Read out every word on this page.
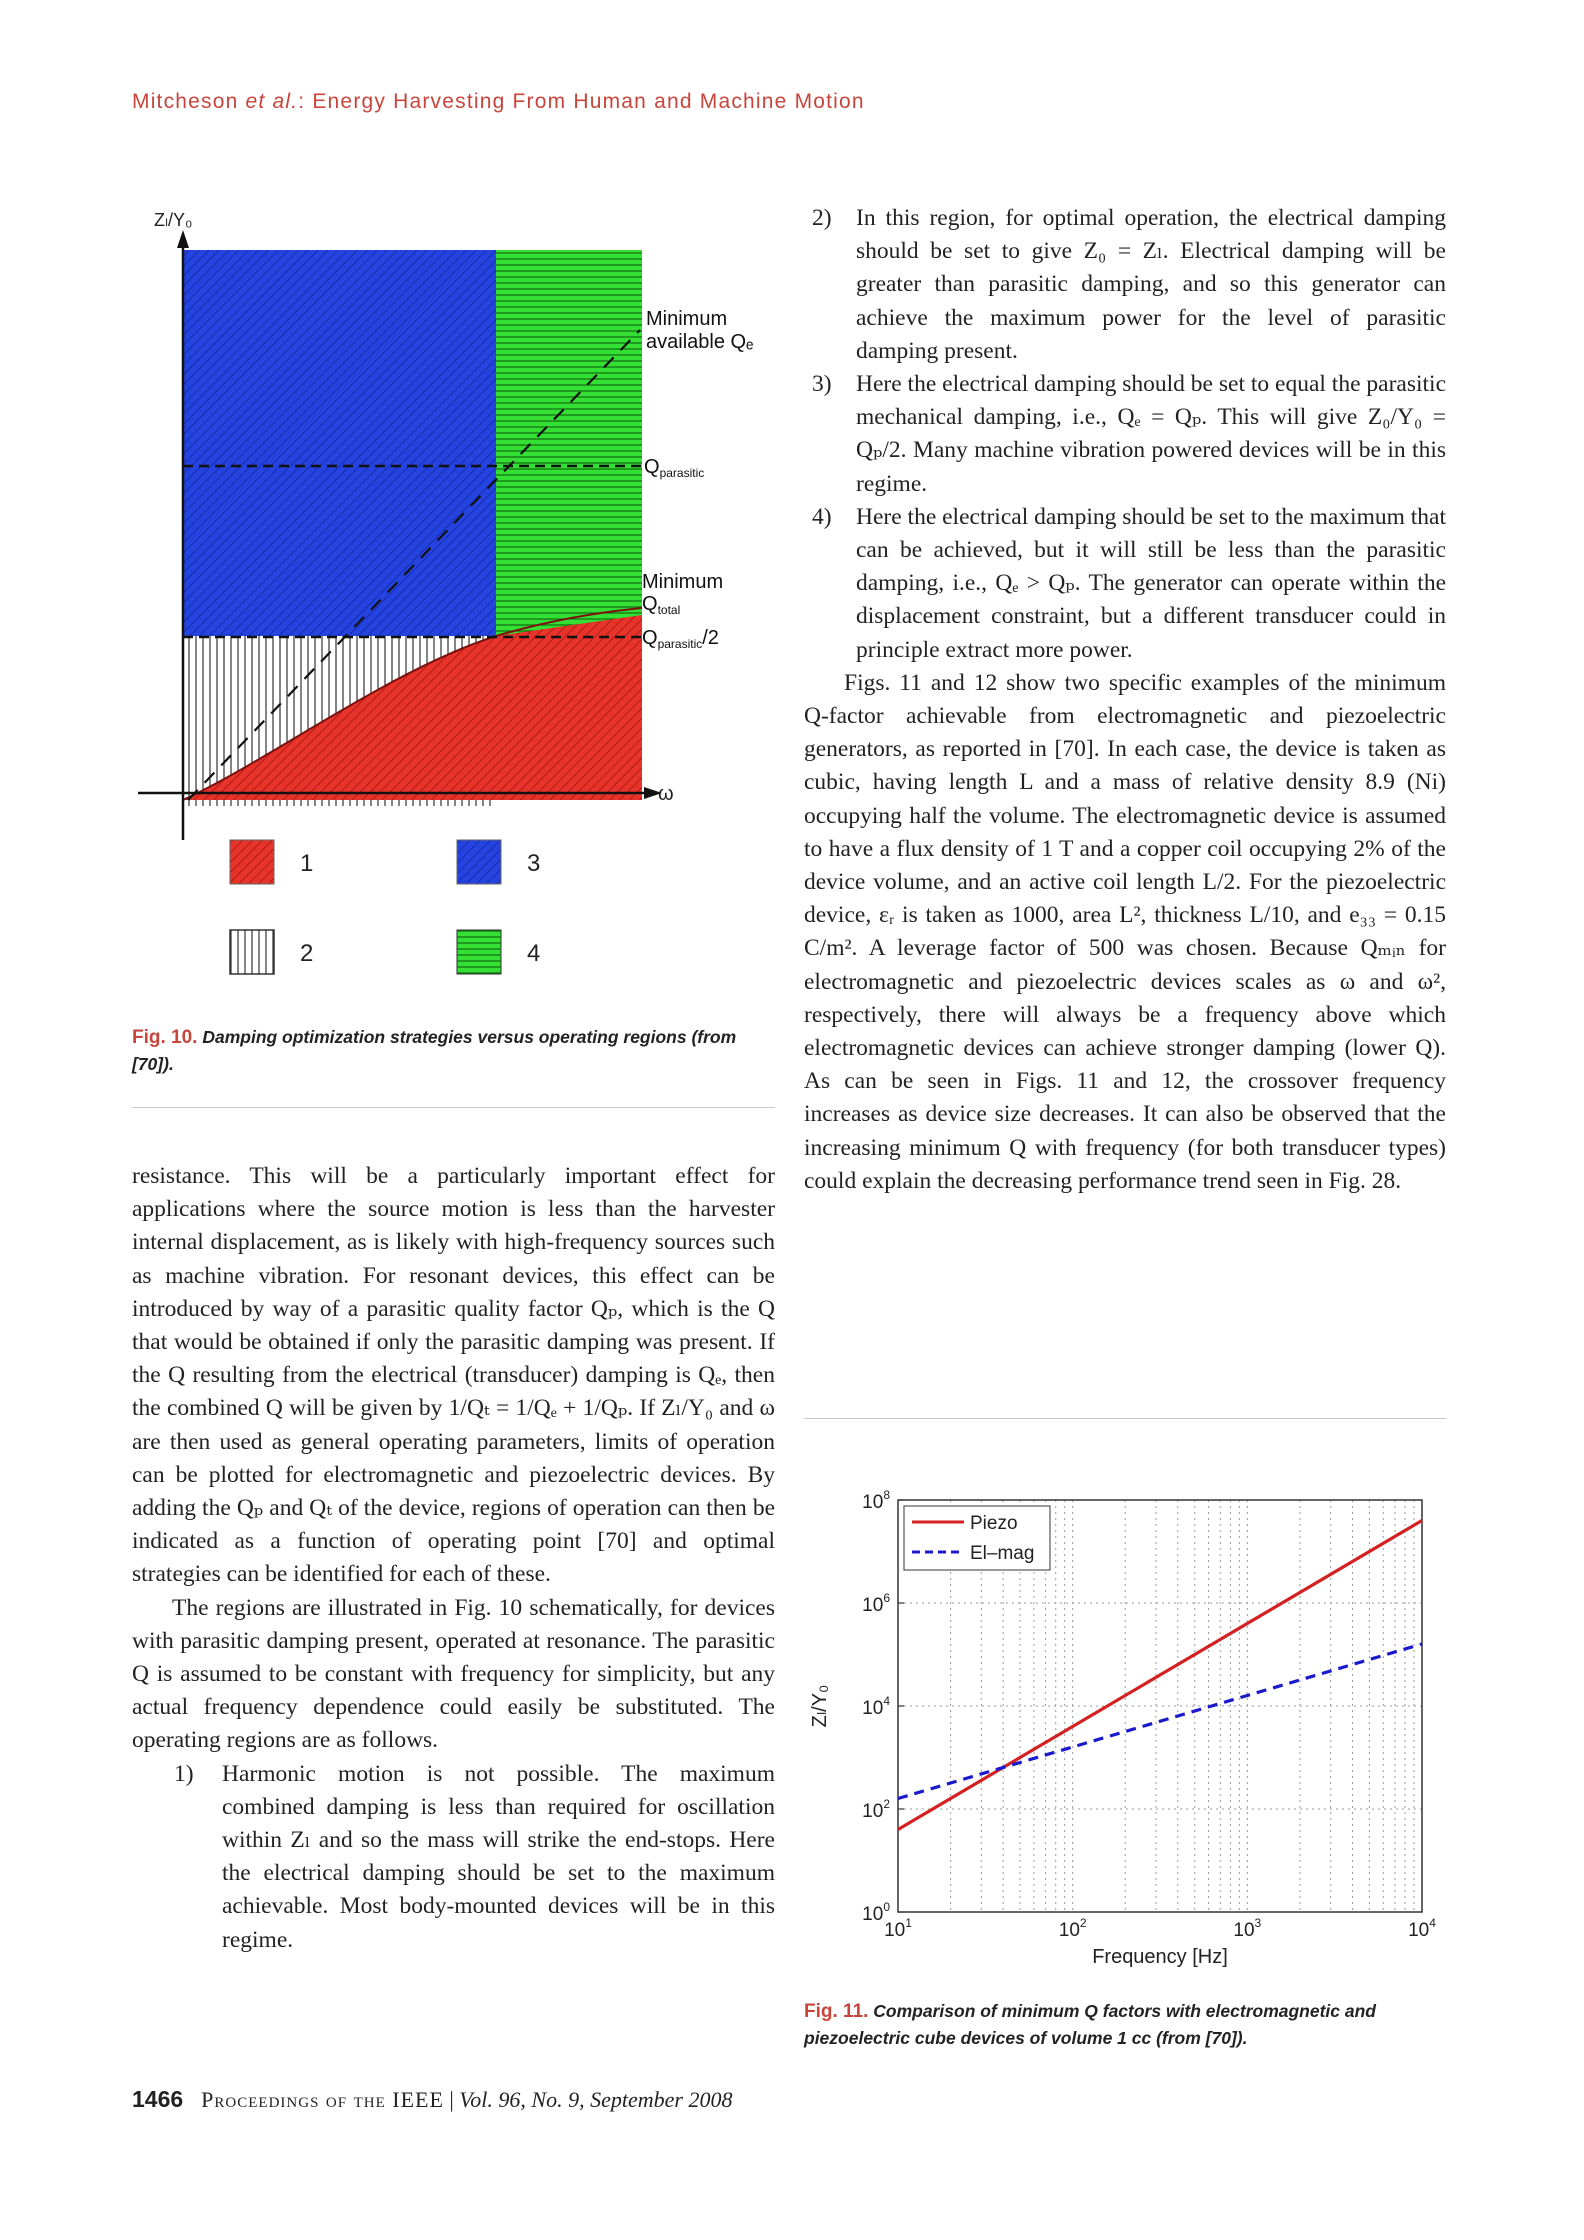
Mitcheson et al.: Energy Harvesting From Human and Machine Motion
Zₗ/Y₀
ω
Minimum
available Qₑ
$Q_{parasitic}$
Minimum
$Q_{total}$
$Q_{parasitic}/2$
1
2
3
4
Fig. 10. Damping optimization strategies versus operating regions (from [70]).

resistance. This will be a particularly important effect for applications where the source motion is less than the harvester internal displacement, as is likely with high-frequency sources such as machine vibration. For resonant devices, this effect can be introduced by way of a parasitic quality factor Qₚ, which is the Q that would be obtained if only the parasitic damping was present. If the Q resulting from the electrical (transducer) damping is Qₑ, then the combined Q will be given by 1/Qₜ = 1/Qₑ + 1/Qₚ. If Zₗ/Y₀ and ω are then used as general operating parameters, limits of operation can be plotted for electromagnetic and piezoelectric devices. By adding the Qₚ and Qₜ of the device, regions of operation can then be indicated as a function of operating point [70] and optimal strategies can be identified for each of these.

The regions are illustrated in Fig. 10 schematically, for devices with parasitic damping present, operated at resonance. The parasitic Q is assumed to be constant with frequency for simplicity, but any actual frequency dependence could easily be substituted. The operating regions are as follows.

1) Harmonic motion is not possible. The maximum combined damping is less than required for oscillation within Zₗ and so the mass will strike the end-stops. Here the electrical damping should be set to the maximum achievable. Most body-mounted devices will be in this regime.
2) In this region, for optimal operation, the electrical damping should be set to give Z₀ = Zₗ. Electrical damping will be greater than parasitic damping, and so this generator can achieve the maximum power for the level of parasitic damping present.
3) Here the electrical damping should be set to equal the parasitic mechanical damping, i.e., Qₑ = Qₚ. This will give Z₀/Y₀ = Qₚ/2. Many machine vibration powered devices will be in this regime.
4) Here the electrical damping should be set to the maximum that can be achieved, but it will still be less than the parasitic damping, i.e., Qₑ > Qₚ. The generator can operate within the displacement constraint, but a different transducer could in principle extract more power.

Figs. 11 and 12 show two specific examples of the minimum Q-factor achievable from electromagnetic and piezoelectric generators, as reported in [70]. In each case, the device is taken as cubic, having length L and a mass of relative density 8.9 (Ni) occupying half the volume. The electromagnetic device is assumed to have a flux density of 1 T and a copper coil occupying 2% of the device volume, and an active coil length L/2. For the piezoelectric device, εᵣ is taken as 1000, area L², thickness L/10, and e₃₃ = 0.15 C/m². A leverage factor of 500 was chosen. Because Qₘᵢₙ for electromagnetic and piezoelectric devices scales as ω and ω², respectively, there will always be a frequency above which electromagnetic devices can achieve stronger damping (lower Q). As can be seen in Figs. 11 and 12, the crossover frequency increases as device size decreases. It can also be observed that the increasing minimum Q with frequency (for both transducer types) could explain the decreasing performance trend seen in Fig. 28.

$10^1$	$10^2$	$10^3$	$10^4$
$10^0$
$10^2$
$10^4$
$10^6$
$10^8$
Frequency [Hz]
Zₗ/Y₀
Piezo
El–mag
Fig. 11. Comparison of minimum Q factors with electromagnetic and piezoelectric cube devices of volume 1 cc (from [70]).
1466 Proceedings of the IEEE | Vol. 96, No. 9, September 2008
